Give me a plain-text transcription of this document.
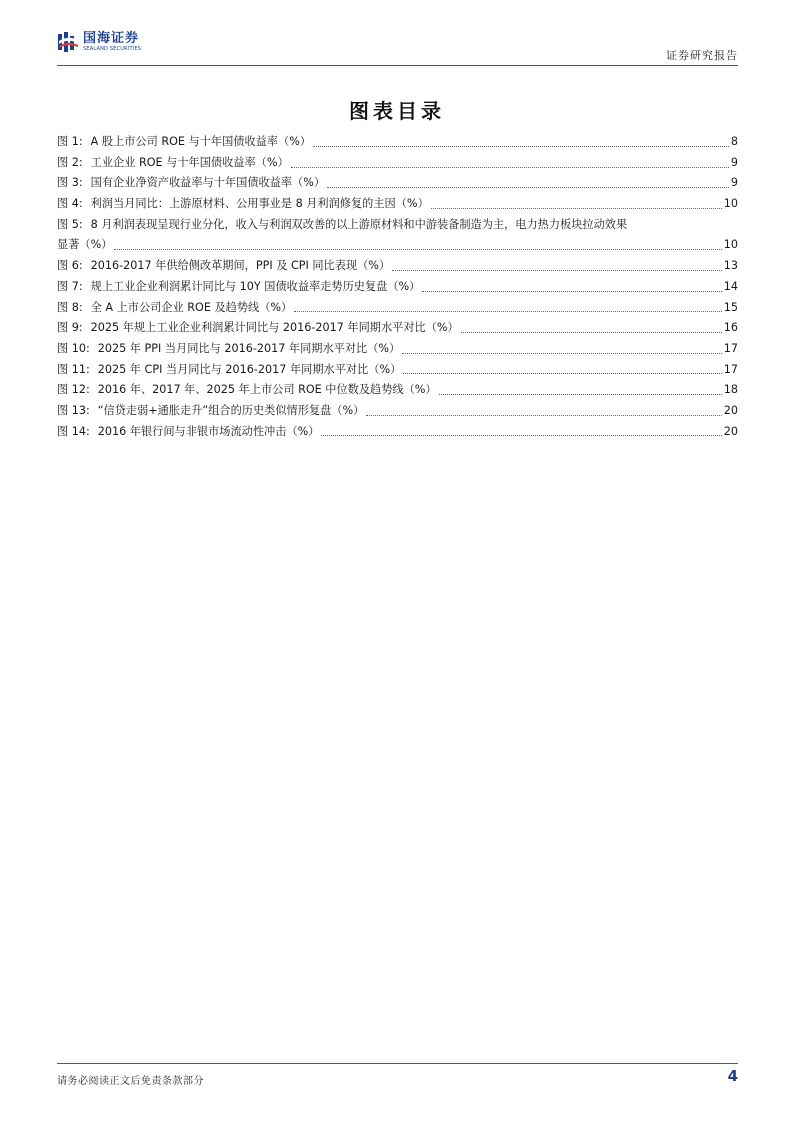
国海证券
SEALAND SECURITIES	证券研究报告
图表目录
图 1: A 股上市公司 ROE 与十年国债收益率（%）	8
图 2: 工业企业 ROE 与十年国债收益率（%）	9
图 3: 国有企业净资产收益率与十年国债收益率（%）	9
图 4: 利润当月同比：上游原材料、公用事业是 8 月利润修复的主因（%）	10
图 5: 8 月利润表现呈现行业分化，收入与利润双改善的以上游原材料和中游装备制造为主，电力热力板块拉动效果
显著（%）	10
图 6: 2016-2017 年供给侧改革期间，PPI 及 CPI 同比表现（%）	13
图 7: 规上工业企业利润累计同比与 10Y 国债收益率走势历史复盘（%）	14
图 8: 全 A 上市公司企业 ROE 及趋势线（%）	15
图 9: 2025 年规上工业企业利润累计同比与 2016-2017 年同期水平对比（%）	16
图 10: 2025 年 PPI 当月同比与 2016-2017 年同期水平对比（%）	17
图 11: 2025 年 CPI 当月同比与 2016-2017 年同期水平对比（%）	17
图 12: 2016 年、2017 年、2025 年上市公司 ROE 中位数及趋势线（%）	18
图 13: “信贷走弱+通胀走升”组合的历史类似情形复盘（%）	20
图 14: 2016 年银行间与非银市场流动性冲击（%）	20
请务必阅读正文后免责条款部分	4
